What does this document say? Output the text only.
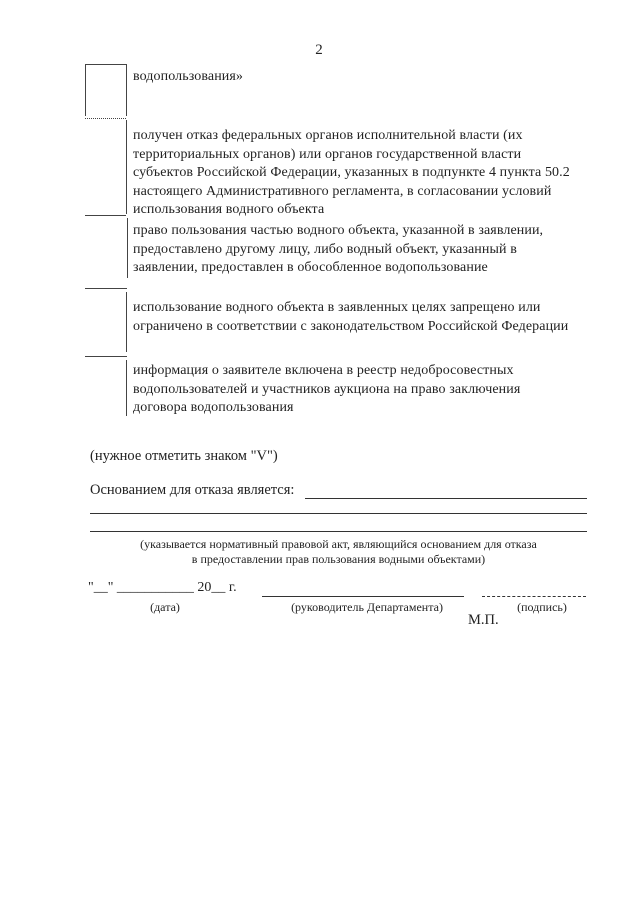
2
водопользования»
получен отказ федеральных органов исполнительной власти (их территориальных органов) или органов государственной власти субъектов Российской Федерации, указанных в подпункте 4 пункта 50.2 настоящего Административного регламента, в согласовании условий использования водного объекта
право пользования частью водного объекта, указанной в заявлении, предоставлено другому лицу, либо водный объект, указанный в заявлении, предоставлен в обособленное водопользование
использование водного объекта в заявленных целях запрещено или ограничено в соответствии с законодательством Российской Федерации
информация о заявителе включена в реестр недобросовестных водопользователей и участников аукциона на право заключения договора водопользования
(нужное отметить знаком "V")
Основанием для отказа является:
(указывается нормативный правовой акт, являющийся основанием для отказа
в предоставлении прав пользования водными объектами)
"__" ___________ 20__ г.
(дата)	(руководитель Департамента)	(подпись)
М.П.
